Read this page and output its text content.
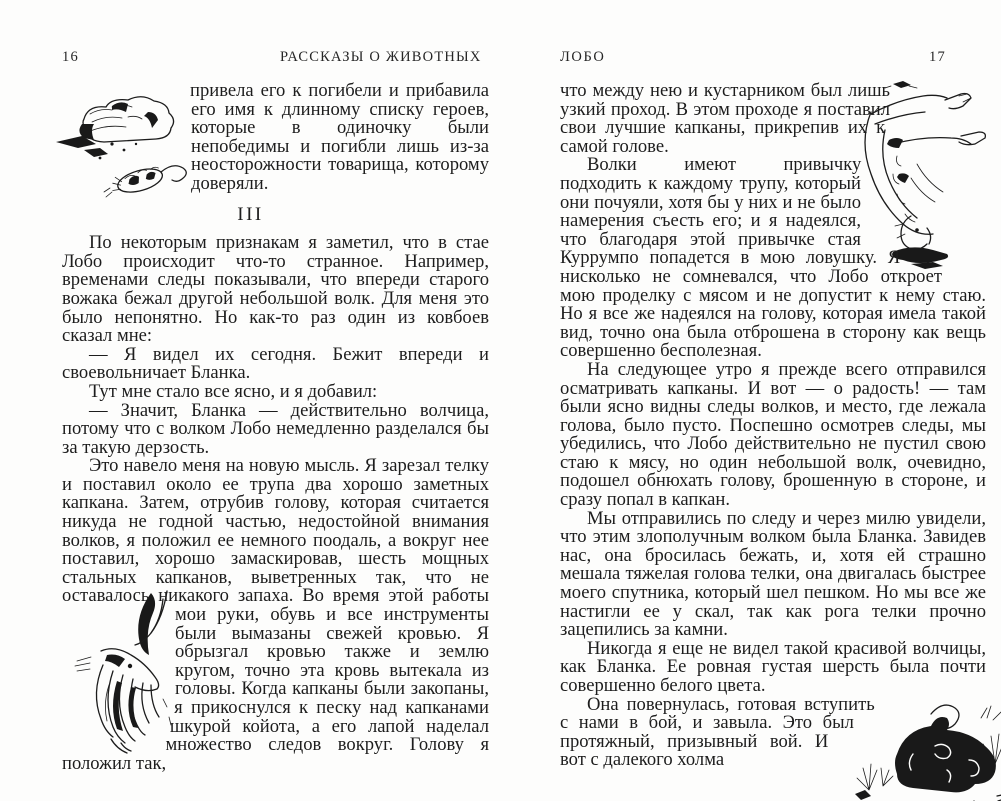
16	РАССКАЗЫ О ЖИВОТНЫХ

привела его к погибели и прибавила его имя к длинному списку героев, которые в одиночку были непобедимы и погибли лишь из-за неосторожности товарища, которому доверяли.

III

По некоторым признакам я заметил, что в стае Лобо происходит что-то странное. Например, временами следы показывали, что впереди старого вожака бежал другой небольшой волк. Для меня это было непонятно. Но как-то раз один из ковбоев сказал мне:

— Я видел их сегодня. Бежит впереди и своевольничает Бланка.

Тут мне стало все ясно, и я добавил:

— Значит, Бланка — действительно волчица, потому что с волком Лобо немедленно разделался бы за такую дерзость.

Это навело меня на новую мысль. Я зарезал телку и поставил около ее трупа два хорошо заметных капкана. Затем, отрубив голову, которая считается никуда не годной частью, недостойной внимания волков, я положил ее немного поодаль, а вокруг нее поставил, хорошо замаскировав, шесть мощных стальных капканов, выветренных так, что не оставалось никакого запаха. Во время этой работы мои руки, обувь и все инструменты были вымазаны свежей кровью. Я обрызгал кровью также и землю кругом, точно эта кровь вытекала из головы. Когда капканы были закопаны, я прикоснулся к песку над капканами шкурой койота, а его лапой наделал множество следов вокруг. Голову я положил так,

ЛОБО	17

что между нею и кустарником был лишь узкий проход. В этом проходе я поставил свои лучшие капканы, прикрепив их к самой голове.

Волки имеют привычку подходить к каждому трупу, который они почуяли, хотя бы у них и не было намерения съесть его; и я надеялся, что благодаря этой привычке стая Куррумпо попадется в мою ловушку. Я нисколько не сомневался, что Лобо откроет мою проделку с мясом и не допустит к нему стаю. Но я все же надеялся на голову, которая имела такой вид, точно она была отброшена в сторону как вещь совершенно бесполезная.

На следующее утро я прежде всего отправился осматривать капканы. И вот — о радость! — там были ясно видны следы волков, и место, где лежала голова, было пусто. Поспешно осмотрев следы, мы убедились, что Лобо действительно не пустил свою стаю к мясу, но один небольшой волк, очевидно, подошел обнюхать голову, брошенную в стороне, и сразу попал в капкан.

Мы отправились по следу и через милю увидели, что этим злополучным волком была Бланка. Завидев нас, она бросилась бежать, и, хотя ей страшно мешала тяжелая голова телки, она двигалась быстрее моего спутника, который шел пешком. Но мы все же настигли ее у скал, так как рога телки прочно зацепились за камни.

Никогда я еще не видел такой красивой волчицы, как Бланка. Ее ровная густая шерсть была почти совершенно белого цвета.

Она повернулась, готовая вступить с нами в бой, и завыла. Это был протяжный, призывный вой. И вот с далекого холма
